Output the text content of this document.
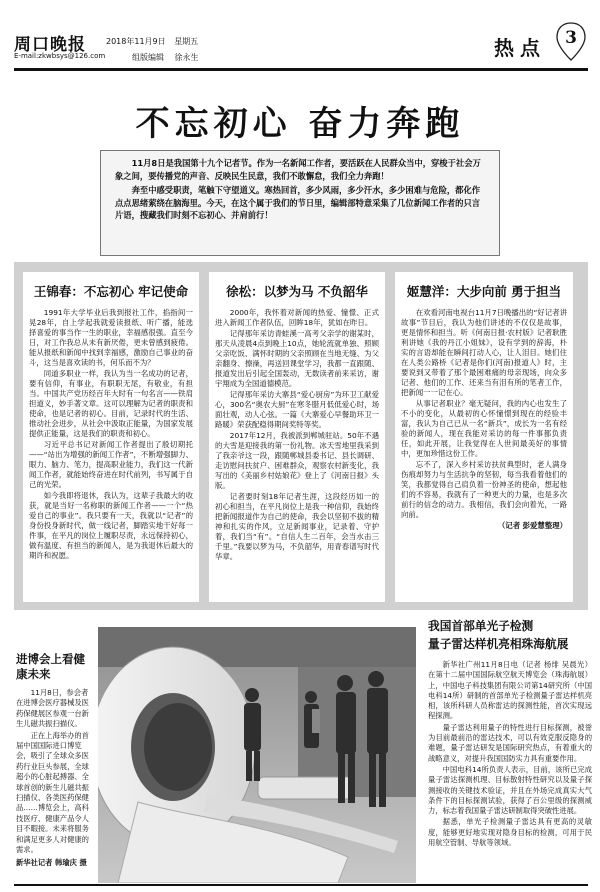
周口晚报
E-mail:zkwbsys@126.com
2018年11月9日 星期五
组版编辑 徐永生	热点 3
不忘初心 奋力奔跑

11月8日是我国第十九个记者节。作为一名新闻工作者，要活跃在人民群众当中，穿梭于社会万象之间，要传播党的声音、反映民生民意，我们不敢懈怠，我们全力奔跑！

奔至中感受职责，笔触下守望道义。寒热回首，多少风雨，多少汗水，多少困难与危险，都化作点点思绪萦绕在脑海里。今天，在这个属于我们的节日里，编辑部特意采集了几位新闻工作者的只言片语，搜藏我们时刻不忘初心、并肩前行！

王锦春：不忘初心 牢记使命

1991年大学毕业后我到报社工作，掐指间一晃28年，自上学起我就爱读报纸、听广播，能选择喜爱的事当作一生的职业，幸福感很强。直至今日，对工作我总从未有新厌倦，更未曾感到疲倦。能从报纸和新闻中找到幸福感，激励自己事业的奋斗，这当是喜欢读的书，何乐而不为？

同道多职业一样，我认为当一名成功的记者，要有信仰，有事业，有职职无尾，有敬业，有担当。中国共产党历经百年大时有一句名言——铁肩担道义，妙手著文章。这可以理解为记者的职责和使命，也是记者的初心。目前，记录时代的生活、推动社会进步，从社会中汲取正能量，为国家发展提供正能量，这是我们的职责和初心。

习近平总书记对新闻工作者提出了殷切期托——“站出为增强的新闻工作者”，不断增强脚力、眼力、脑力、笔力，提高职业能力，我们这一代新闻工作者，就能始终奋进在时代前列，书写属于自己的光荣。

如今我即将退休，我认为，这辈子我最大的收获，就是当好一名称职的新闻工作者——一个“热爱自己的事业”。我只要有一天，我就以“记者”的身份投身新时代，做一线记者，脚踏实地干好每一件事，在平凡的岗位上履职尽责，永远保持初心，做有温度、有担当的新闻人，是为我退休后最大的期许和祝愿。

徐松：以梦为马 不负韶华

2000年，我怀着对新闻的热爱、憧憬、正式进入新闻工作者队伍，回眸18年，犹如在昨日。

记得那年采访青蛙溪一高考父亲学的谢某时，那天从凌晨4点到晚上10点，她轮流就单独、照顾父亲吃饭、满怀时期的父亲照顾在当地无缝、为父亲翻身、擦澡，再送回课堂学习，我都一直跟随、报道发出后引起全国轰动，无数读者前来采访，谢宇翔成为全国道德模范。

记得那年采访大寨县“爱心厨房”为环卫工献爱心，300名“奥农大厨”在寒冬腊月低低爱心时，场面壮观，动人心弦。一篇《大寨爱心早餐助环卫一路暖》荣获配稳得期间奖特等奖。

2017年12月，我被派到郸城驻站。50年不遇的大雪是迎接我的第一份礼物。冰天雪地里我采到了我亲爷这一段，跟随郸城县委书记、县长调研、走访慰问扶贫户、困难群众，观察农村新变化，我写出的《美丽乡村姑娘花》登上了《河南日报》头版。

记者要时刻18年记者生涯，这段经历如一的初心和担当，在平凡岗位上是我一种信仰，我始终把新闻报道作为自己的使命，我会以坚韧不拔的精神和扎实的作风，立足新闻事业，记录着、守护着，我们当“有”。“自信人生二百年，会当水击三千里。”我要以梦为马，不负韶华，用青春谱写时代华章。

姬慧洋：大步向前 勇于担当

在欢看河南电视台11月7日晚播出的“好记者讲故事”节目后，我认为他们讲述的不仅仅是故事，更是情怀和担当。听《何南日报·农村版》记者耿胜利讲她《我的丹江小姐妹》，设有学到的辞海，朴实的言语却能在瞬间打动人心，让人泪目。她们住在人类公路桥《记者是你们(河南)报道人》时，主要说到又带着了那个最困难痛的母亲现场，向众多记者、他们的工作、还来当有泪有所的笔者工作，把新闻一一记在心。

从事记者职业？毫无疑问，我的内心也发生了不小的变化，从最初的心怀憧憬到现在的经验丰富，我认为自己已从一名“新兵”，成长为一名有经验的新闻人，现在我能对采访的每一件事都负责任，如此开展，让我觉得在人世间最美好的事情中，更加珍惜这份工作。

忘不了，深入乡村采访扶贫典型时，老人满身伤痕却努力与生活抗争的坚韧，每当我看着他们的笑，我都觉得自己肩负着一份神圣的使命，想起他们的不容易，我就有了一种更大的力量，也是多次前行的信念的动力。我相信，我们会向着光，一路向前。

（记者 彭爱慧整理）

进博会上看健康未来

11月8日，参会者在进博会医疗器械及医药保健展区参观一台新生儿磁共振扫描仪。

正在上海举办的首届中国国际进口博览会，吸引了全球众多医药行业巨头参展，全球超小的心脏起搏器、全球首创的新生儿磁共振扫描仪、各类医药保健品……博览会上，高科技医疗、健康产品令人目不暇接。未来将服务和满足更多人对健康的需求。

新华社记者 韩瑜庆 摄

我国首部单光子检测
量子雷达样机亮相珠海航展

新华社广州11月8日电（记者 杨绯 吴晨光）在第十二届中国国际航空航天博览会（珠海航展）上，中国电子科技集团有限公司第14研究所（中国电科14所）研制的首部单光子检测量子雷达样机亮相，该所科研人员称雷达的探测性能，首次实现远程探测。

量子雷达利用量子的特性进行目标探测，被誉为目前最前沿的雷达技术，可以有效克服反隐身的难题，量子雷达研发是国际研究热点，有着重大的战略意义，对提升我国国防实力具有重要作用。

中国电科14所负责人表示，目前，该所已完成量子雷达探测机理、目标散射特性研究以及量子探测接收的关键技术验证，并且在外场完成真实大气条件下的目标探测试验，获得了百公里级的探测威力，标志着我国量子雷达研制取得突破性进展。

据悉，单光子检测量子雷达具有更高的灵敏度，能够更好地实现对隐身目标的检测，可用于民用航空管制、导航等领域。
